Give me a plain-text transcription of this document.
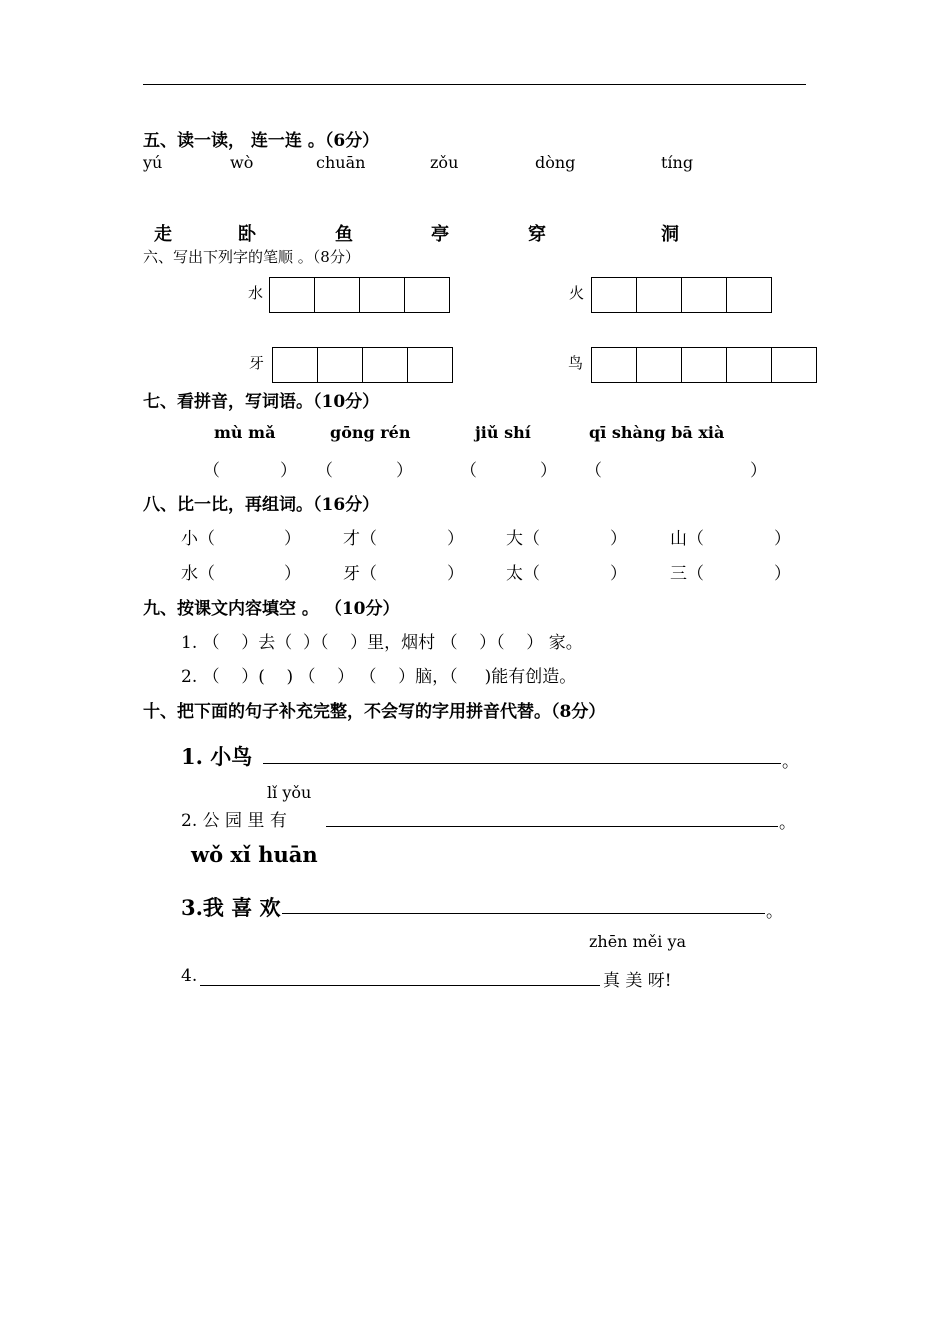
五、读一读， 连一连 。（6分）
yú	wò	chuān	zǒu	dòng	tíng
走	卧	鱼	亭	穿	洞
六、写出下列字的笔顺 。（8分）
水	火
牙	鸟
七、看拼音，写词语。（10分）
mù mǎ	gōng rén	jiǔ shí	qī shàng bā xià
（	） （	）	（	） （	）
八、比一比，再组词。（16分）
小（	） 才（	） 大（	）	山（	）
水（	） 牙（	） 太（	）	三（	）
九、按课文内容填空 。 （10分）
1. （    ）去（  ）（    ）里，烟村 （    ）（    ） 家。
2. （    ）(    ) （    ） （    ）脑，（     )能有创造。
十、把下面的句子补充完整，不会写的字用拼音代替。（8分）
1. 小鸟	。
lǐ yǒu
2. 公 园 里 有	。
wǒ xǐ huān
3.我 喜 欢	。
zhēn měi ya
4.	真 美 呀!
